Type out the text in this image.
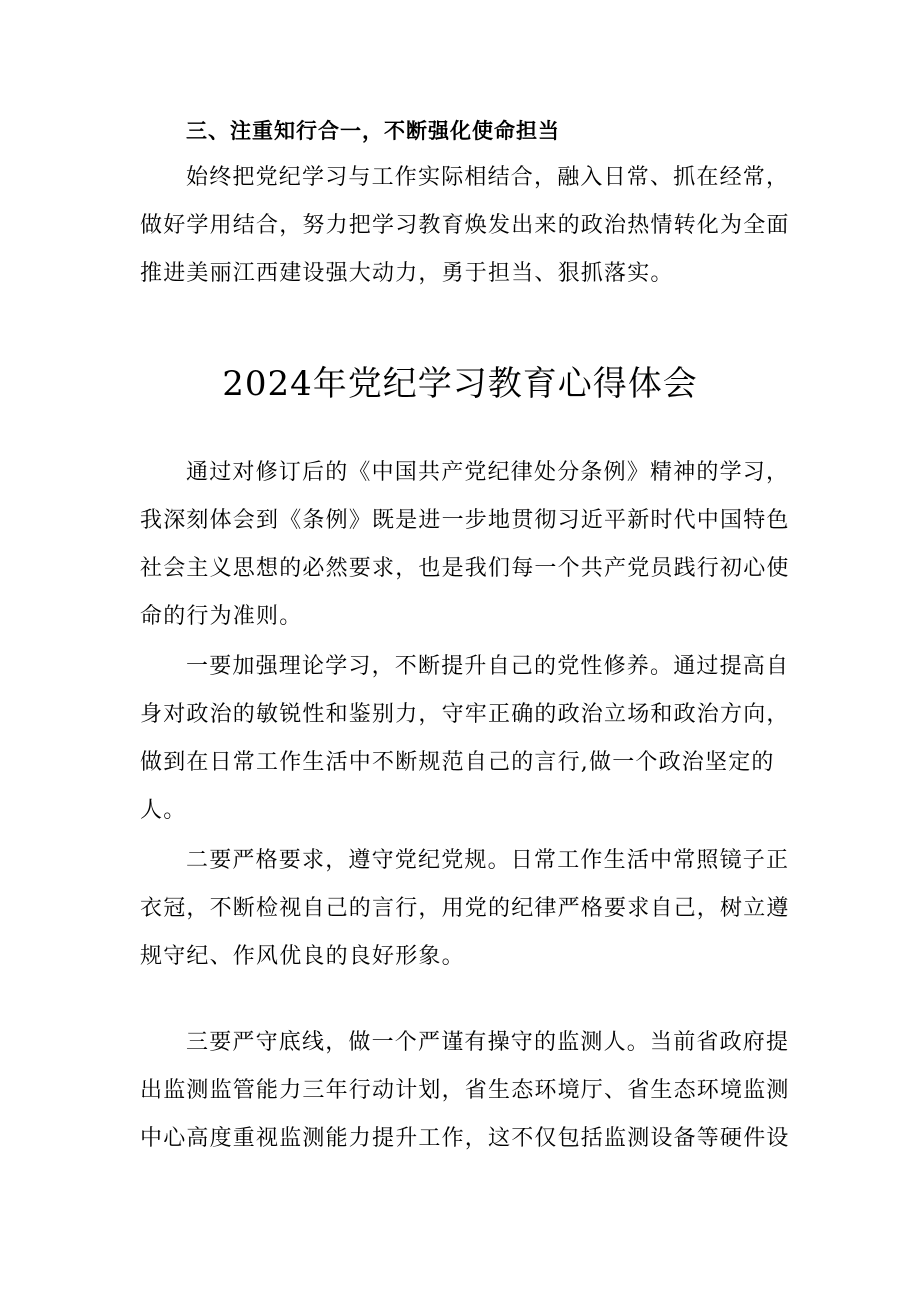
三、注重知行合一，不断强化使命担当
始终把党纪学习与工作实际相结合，融入日常、抓在经常，
做好学用结合，努力把学习教育焕发出来的政治热情转化为全面
推进美丽江西建设强大动力，勇于担当、狠抓落实。
2024年党纪学习教育心得体会
通过对修订后的《中国共产党纪律处分条例》精神的学习，
我深刻体会到《条例》既是进一步地贯彻习近平新时代中国特色
社会主义思想的必然要求，也是我们每一个共产党员践行初心使
命的行为准则。
一要加强理论学习，不断提升自己的党性修养。通过提高自
身对政治的敏锐性和鉴别力，守牢正确的政治立场和政治方向，
做到在日常工作生活中不断规范自己的言行,做一个政治坚定的
人。
二要严格要求，遵守党纪党规。日常工作生活中常照镜子正
衣冠，不断检视自己的言行，用党的纪律严格要求自己，树立遵
规守纪、作风优良的良好形象。
三要严守底线，做一个严谨有操守的监测人。当前省政府提
出监测监管能力三年行动计划，省生态环境厅、省生态环境监测
中心高度重视监测能力提升工作，这不仅包括监测设备等硬件设
